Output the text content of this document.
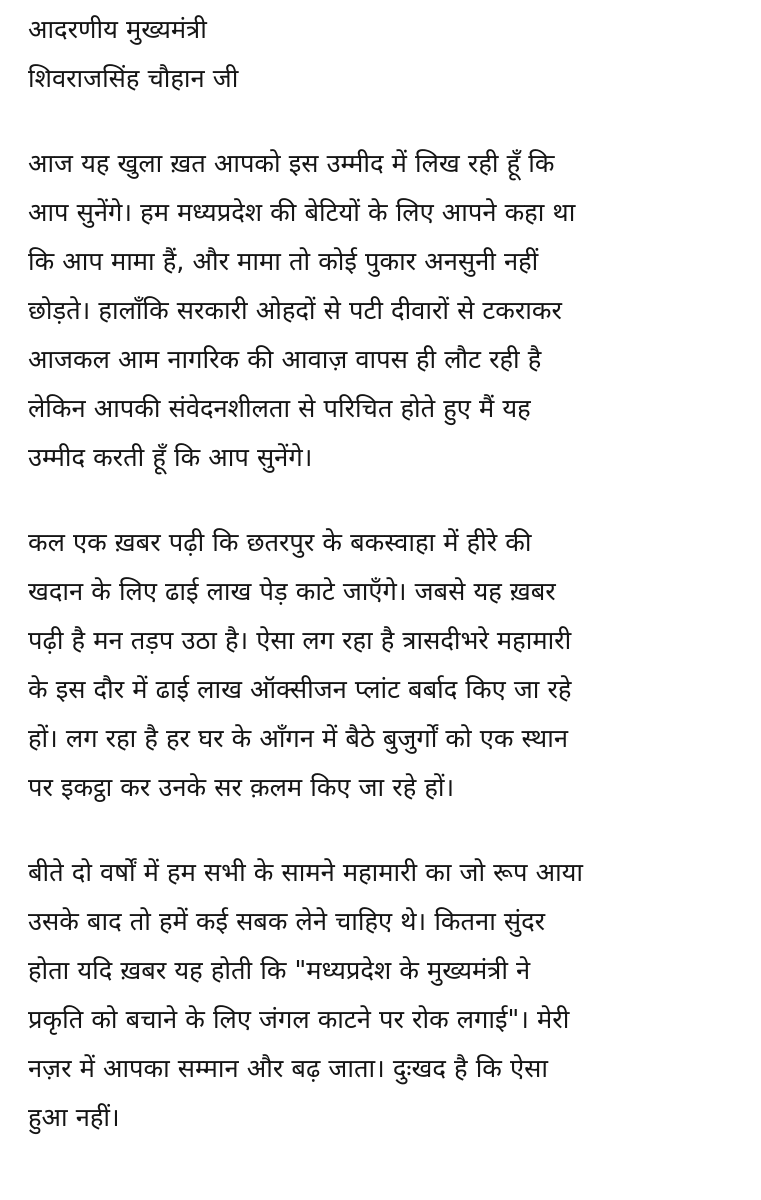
आदरणीय मुख्यमंत्री
शिवराजसिंह चौहान जी
आज यह खुला ख़त आपको इस उम्मीद में लिख रही हूँ कि
आप सुनेंगे। हम मध्यप्रदेश की बेटियों के लिए आपने कहा था
कि आप मामा हैं, और मामा तो कोई पुकार अनसुनी नहीं
छोड़ते। हालाँकि सरकारी ओहदों से पटी दीवारों से टकराकर
आजकल आम नागरिक की आवाज़ वापस ही लौट रही है
लेकिन आपकी संवेदनशीलता से परिचित होते हुए मैं यह
उम्मीद करती हूँ कि आप सुनेंगे।
कल एक ख़बर पढ़ी कि छतरपुर के बकस्वाहा में हीरे की
खदान के लिए ढाई लाख पेड़ काटे जाएँगे। जबसे यह ख़बर
पढ़ी है मन तड़प उठा है। ऐसा लग रहा है त्रासदीभरे महामारी
के इस दौर में ढाई लाख ऑक्सीजन प्लांट बर्बाद किए जा रहे
हों। लग रहा है हर घर के आँगन में बैठे बुजुर्गों को एक स्थान
पर इकट्ठा कर उनके सर क़लम किए जा रहे हों।
बीते दो वर्षों में हम सभी के सामने महामारी का जो रूप आया
उसके बाद तो हमें कई सबक लेने चाहिए थे। कितना सुंदर
होता यदि ख़बर यह होती कि "मध्यप्रदेश के मुख्यमंत्री ने
प्रकृति को बचाने के लिए जंगल काटने पर रोक लगाई"। मेरी
नज़र में आपका सम्मान और बढ़ जाता। दुःखद है कि ऐसा
हुआ नहीं।
